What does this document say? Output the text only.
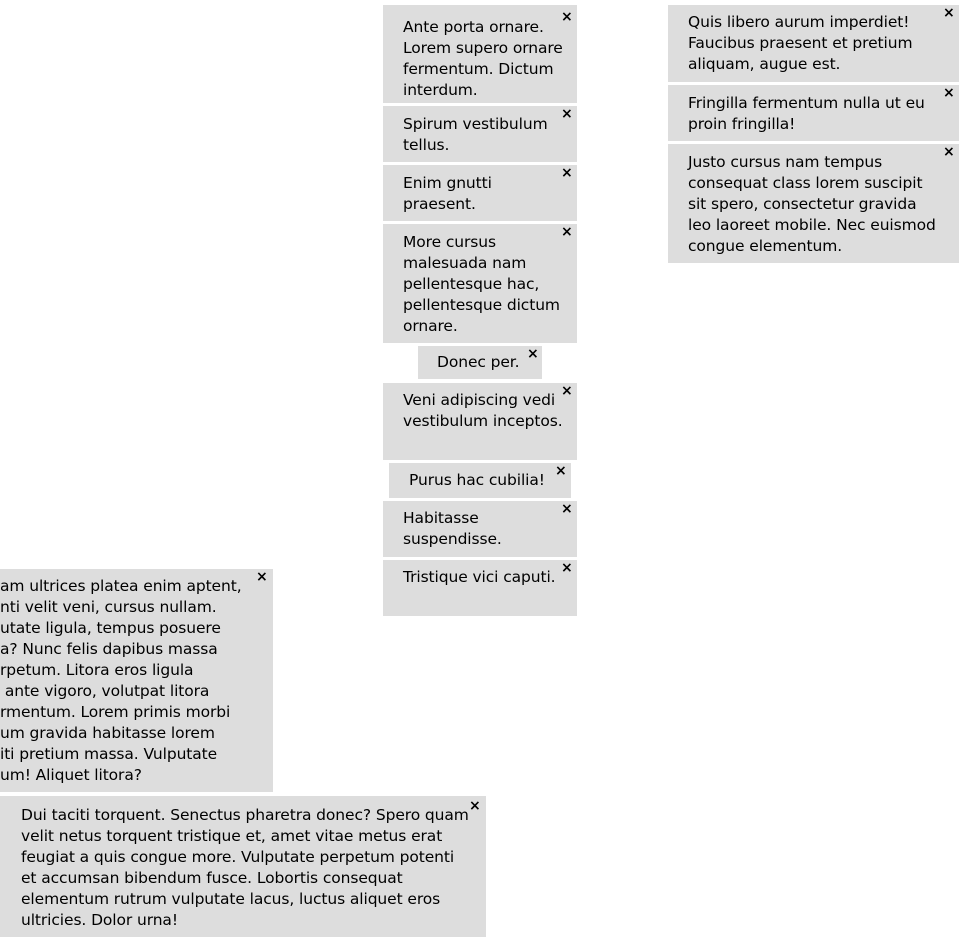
Ante porta ornare. Lorem supero ornare fermentum. Dictum interdum.
×
Spirum vestibulum tellus.
×
Enim gnutti praesent.
×
More cursus malesuada nam pellentesque hac, pellentesque dictum ornare.
×
Donec per. ×
Veni adipiscing vedi vestibulum inceptos.
×
Purus hac cubilia! ×
Habitasse suspendisse.
×
Tristique vici caputi. ×
Quis libero aurum imperdiet! Faucibus praesent et pretium aliquam, augue est.
×
Fringilla fermentum nulla ut eu proin fringilla!
×
Justo cursus nam tempus consequat class lorem suscipit sit spero, consectetur gravida leo laoreet mobile. Nec euismod congue elementum.
×
am ultrices platea enim aptent,
nti velit veni, cursus nullam.
utate ligula, tempus posuere
a? Nunc felis dapibus massa
rpetum. Litora eros ligula
ante vigoro, volutpat litora
rmentum. Lorem primis morbi
um gravida habitasse lorem
iti pretium massa. Vulputate
um! Aliquet litora?
×
Dui taciti torquent. Senectus pharetra donec? Spero quam velit netus torquent tristique et, amet vitae metus erat feugiat a quis congue more. Vulputate perpetum potenti et accumsan bibendum fusce. Lobortis consequat elementum rutrum vulputate lacus, luctus aliquet eros ultricies. Dolor urna!
×
